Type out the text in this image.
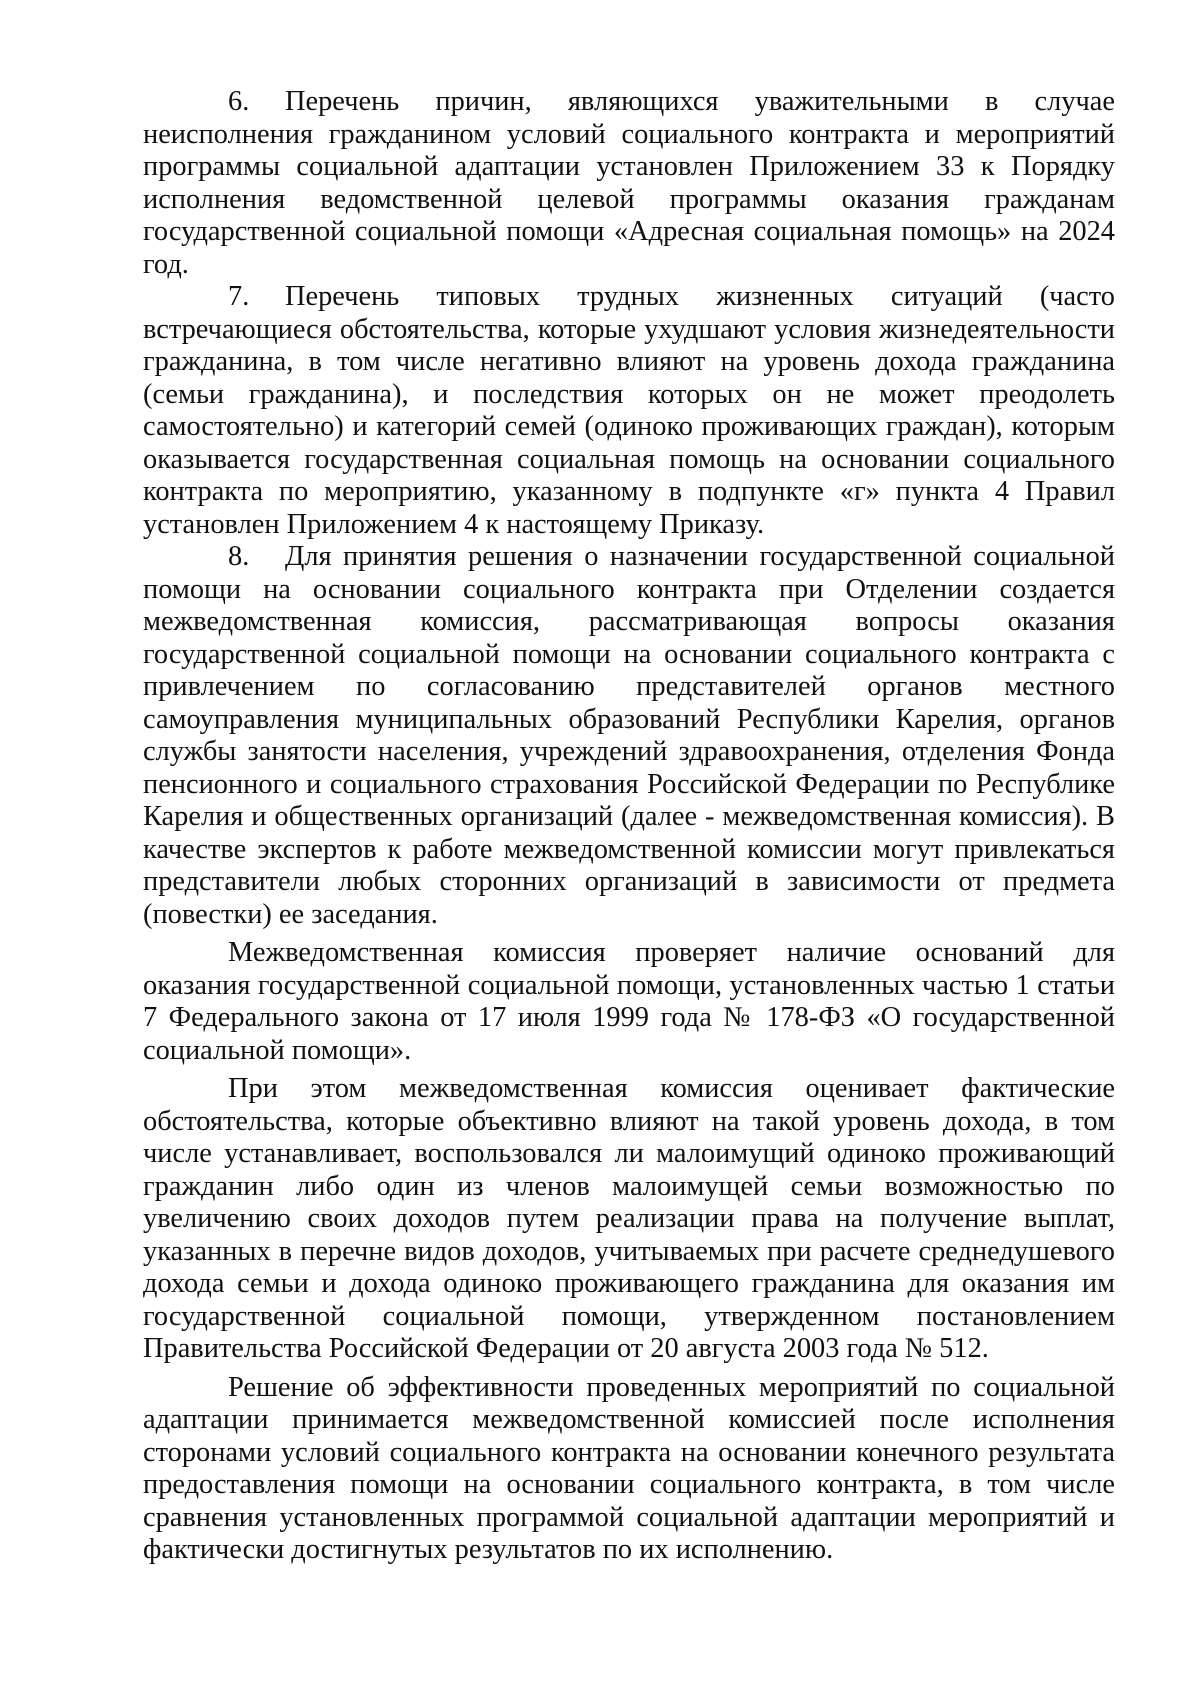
6. Перечень причин, являющихся уважительными в случае неисполнения гражданином условий социального контракта и мероприятий программы социальной адаптации установлен Приложением 33 к Порядку исполнения ведомственной целевой программы оказания гражданам государственной социальной помощи «Адресная социальная помощь» на 2024 год.

7. Перечень типовых трудных жизненных ситуаций (часто встречающиеся обстоятельства, которые ухудшают условия жизнедеятельности гражданина, в том числе негативно влияют на уровень дохода гражданина (семьи гражданина), и последствия которых он не может преодолеть самостоятельно) и категорий семей (одиноко проживающих граждан), которым оказывается государственная социальная помощь на основании социального контракта по мероприятию, указанному в подпункте «г» пункта 4 Правил установлен Приложением 4 к настоящему Приказу.

8. Для принятия решения о назначении государственной социальной помощи на основании социального контракта при Отделении создается межведомственная комиссия, рассматривающая вопросы оказания государственной социальной помощи на основании социального контракта с привлечением по согласованию представителей органов местного самоуправления муниципальных образований Республики Карелия, органов службы занятости населения, учреждений здравоохранения, отделения Фонда пенсионного и социального страхования Российской Федерации по Республике Карелия и общественных организаций (далее - межведомственная комиссия). В качестве экспертов к работе межведомственной комиссии могут привлекаться представители любых сторонних организаций в зависимости от предмета (повестки) ее заседания.

Межведомственная комиссия проверяет наличие оснований для оказания государственной социальной помощи, установленных частью 1 статьи 7 Федерального закона от 17 июля 1999 года № 178-ФЗ «О государственной социальной помощи».

При этом межведомственная комиссия оценивает фактические обстоятельства, которые объективно влияют на такой уровень дохода, в том числе устанавливает, воспользовался ли малоимущий одиноко проживающий гражданин либо один из членов малоимущей семьи возможностью по увеличению своих доходов путем реализации права на получение выплат, указанных в перечне видов доходов, учитываемых при расчете среднедушевого дохода семьи и дохода одиноко проживающего гражданина для оказания им государственной социальной помощи, утвержденном постановлением Правительства Российской Федерации от 20 августа 2003 года № 512.

Решение об эффективности проведенных мероприятий по социальной адаптации принимается межведомственной комиссией после исполнения сторонами условий социального контракта на основании конечного результата предоставления помощи на основании социального контракта, в том числе сравнения установленных программой социальной адаптации мероприятий и фактически достигнутых результатов по их исполнению.
